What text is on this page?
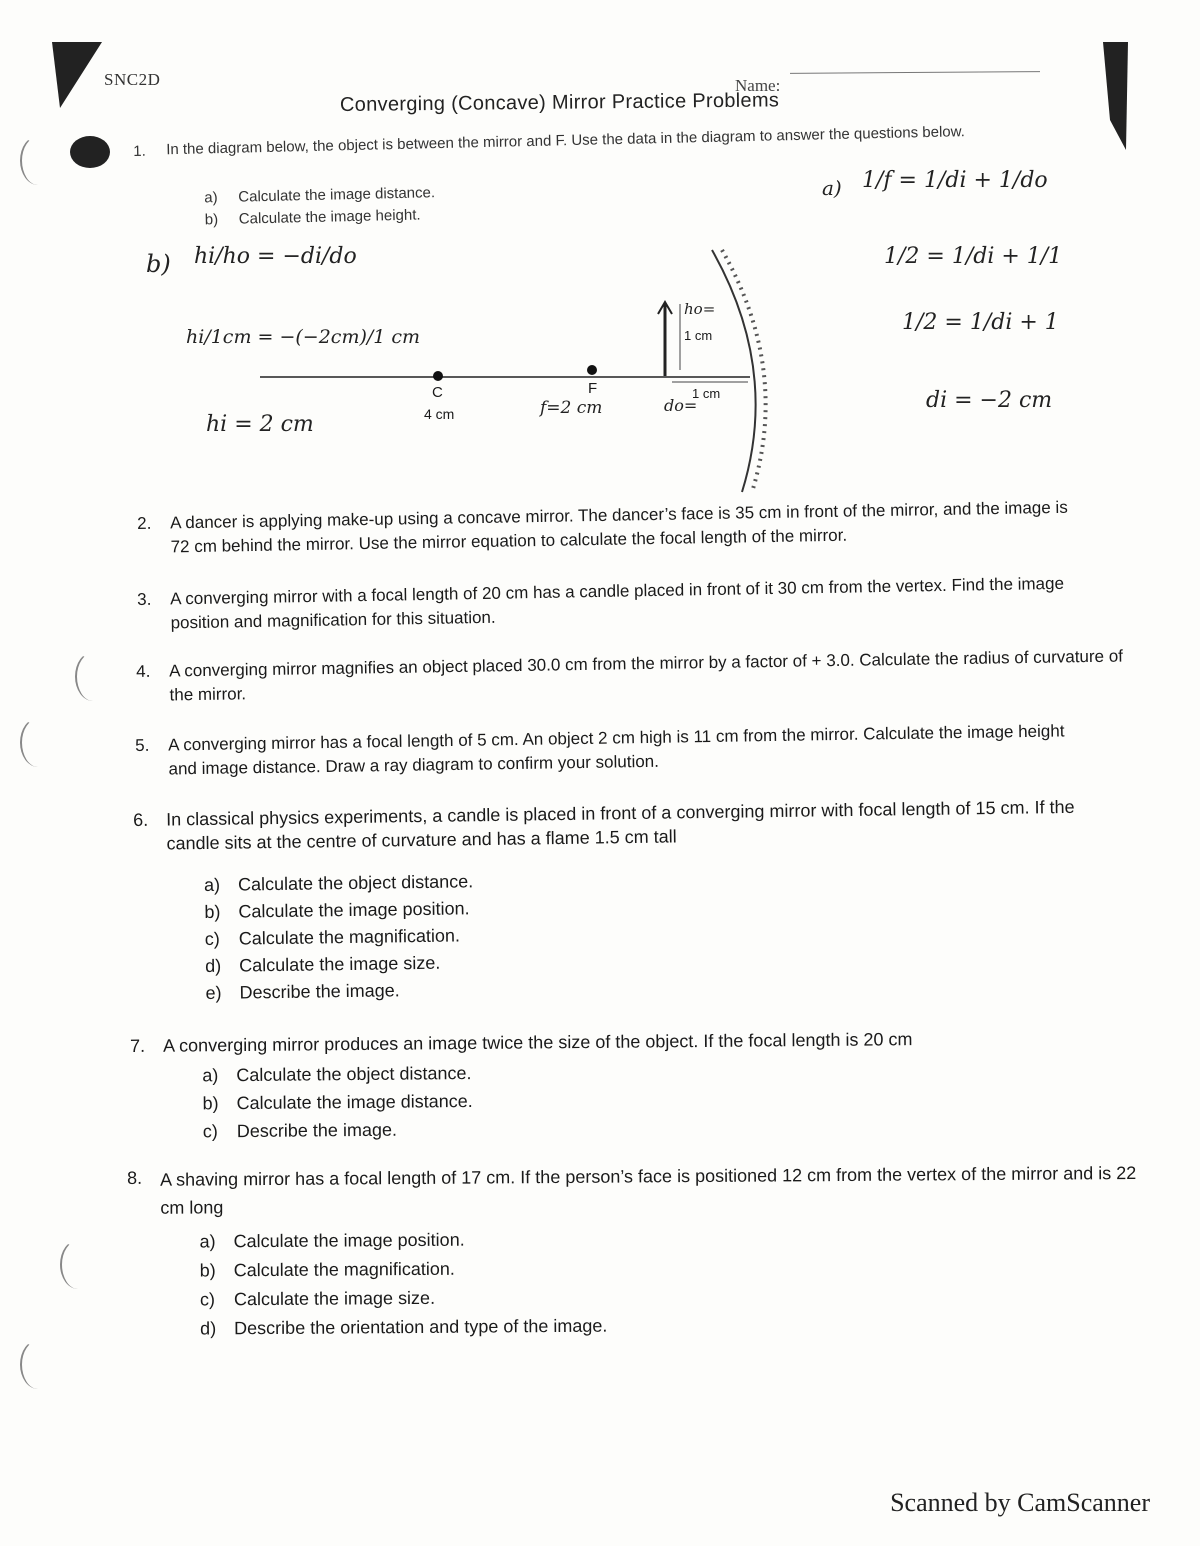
SNC2D	Name:
Converging (Concave) Mirror Practice Problems
1. In the diagram below, the object is between the mirror and F. Use the data in the diagram to answer the questions below.
a) Calculate the image distance.
b) Calculate the image height.
C
4 cm
F
f=2 cm
ho=
1 cm
do=
1 cm
b) hi/ho = −di/do
hi/1cm = −(−2cm)/1 cm
hi = 2 cm
a) 1/f = 1/di + 1/do
1/2 = 1/di + 1/1
1/2 = 1/di + 1
di = −2 cm
2. A dancer is applying make-up using a concave mirror. The dancer’s face is 35 cm in front of the mirror, and the image is 72 cm behind the mirror. Use the mirror equation to calculate the focal length of the mirror.
3. A converging mirror with a focal length of 20 cm has a candle placed in front of it 30 cm from the vertex. Find the image position and magnification for this situation.
4. A converging mirror magnifies an object placed 30.0 cm from the mirror by a factor of + 3.0. Calculate the radius of curvature of the mirror.
5. A converging mirror has a focal length of 5 cm. An object 2 cm high is 11 cm from the mirror. Calculate the image height and image distance. Draw a ray diagram to confirm your solution.
6. In classical physics experiments, a candle is placed in front of a converging mirror with focal length of 15 cm. If the candle sits at the centre of curvature and has a flame 1.5 cm tall
a) Calculate the object distance.
b) Calculate the image position.
c) Calculate the magnification.
d) Calculate the image size.
e) Describe the image.
7. A converging mirror produces an image twice the size of the object. If the focal length is 20 cm
a) Calculate the object distance.
b) Calculate the image distance.
c) Describe the image.
8. A shaving mirror has a focal length of 17 cm. If the person’s face is positioned 12 cm from the vertex of the mirror and is 22 cm long
a) Calculate the image position.
b) Calculate the magnification.
c) Calculate the image size.
d) Describe the orientation and type of the image.
Scanned by CamScanner
